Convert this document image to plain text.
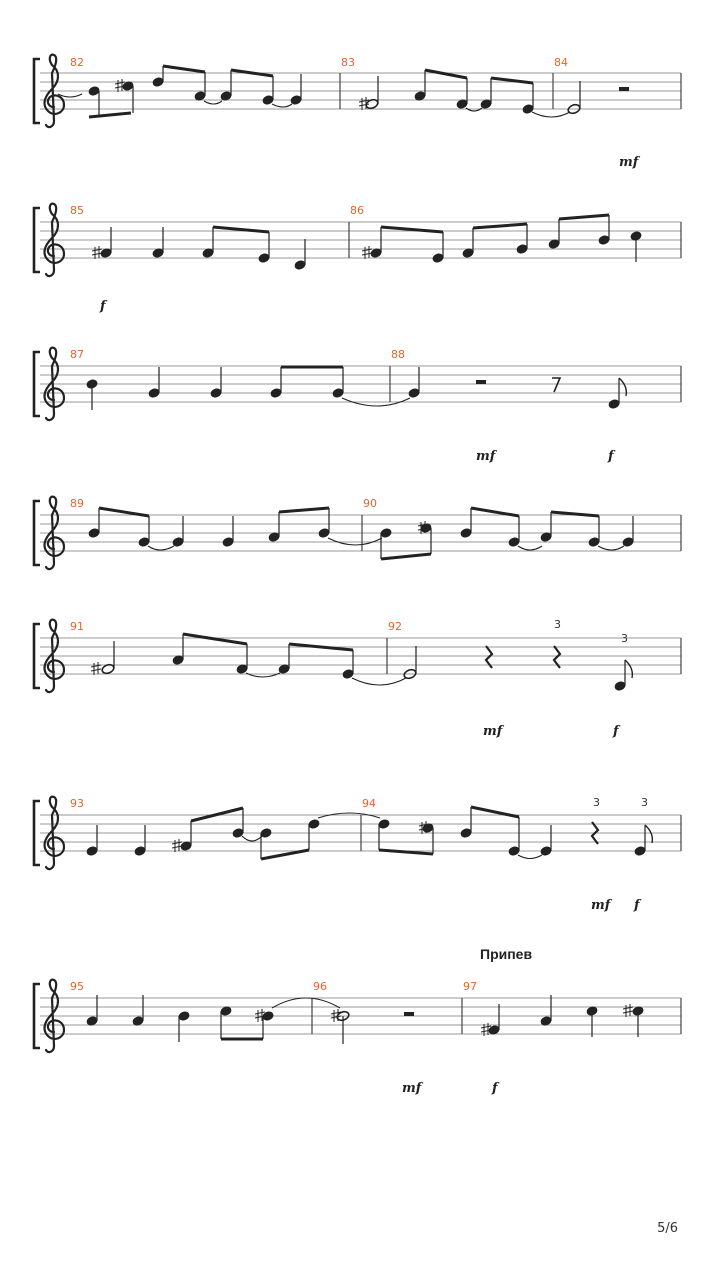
82	83	84
mf
85	86
f
87	88
mf	f
89	90
91	92	3
3
mf	f
93	94	3	3
mf f
Припев
95	96	97
mf	f
5/6
